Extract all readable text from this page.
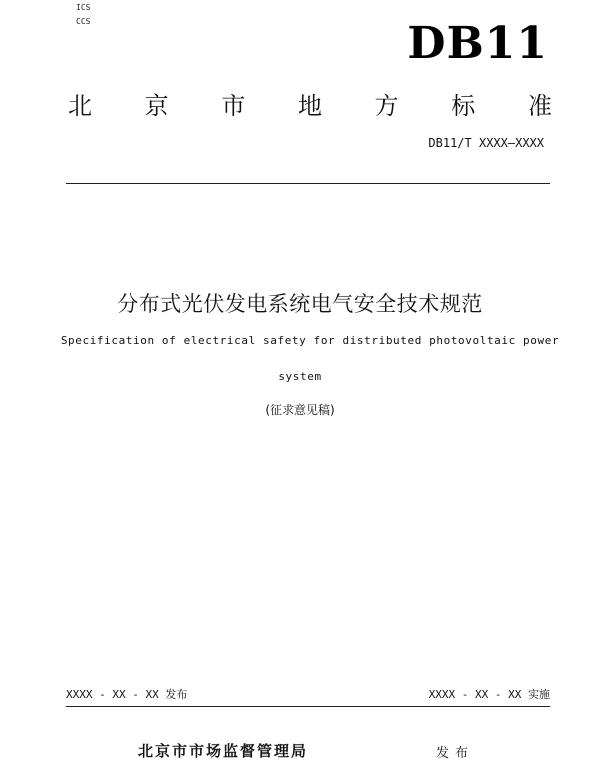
ICS
CCS	DB11
北 京 市 地 方 标 准
DB11/T XXXX—XXXX
分布式光伏发电系统电气安全技术规范
Specification of electrical safety for distributed photovoltaic power
system
(征求意见稿)
XXXX - XX - XX 发布	XXXX - XX - XX 实施
北京市市场监督管理局	发布
